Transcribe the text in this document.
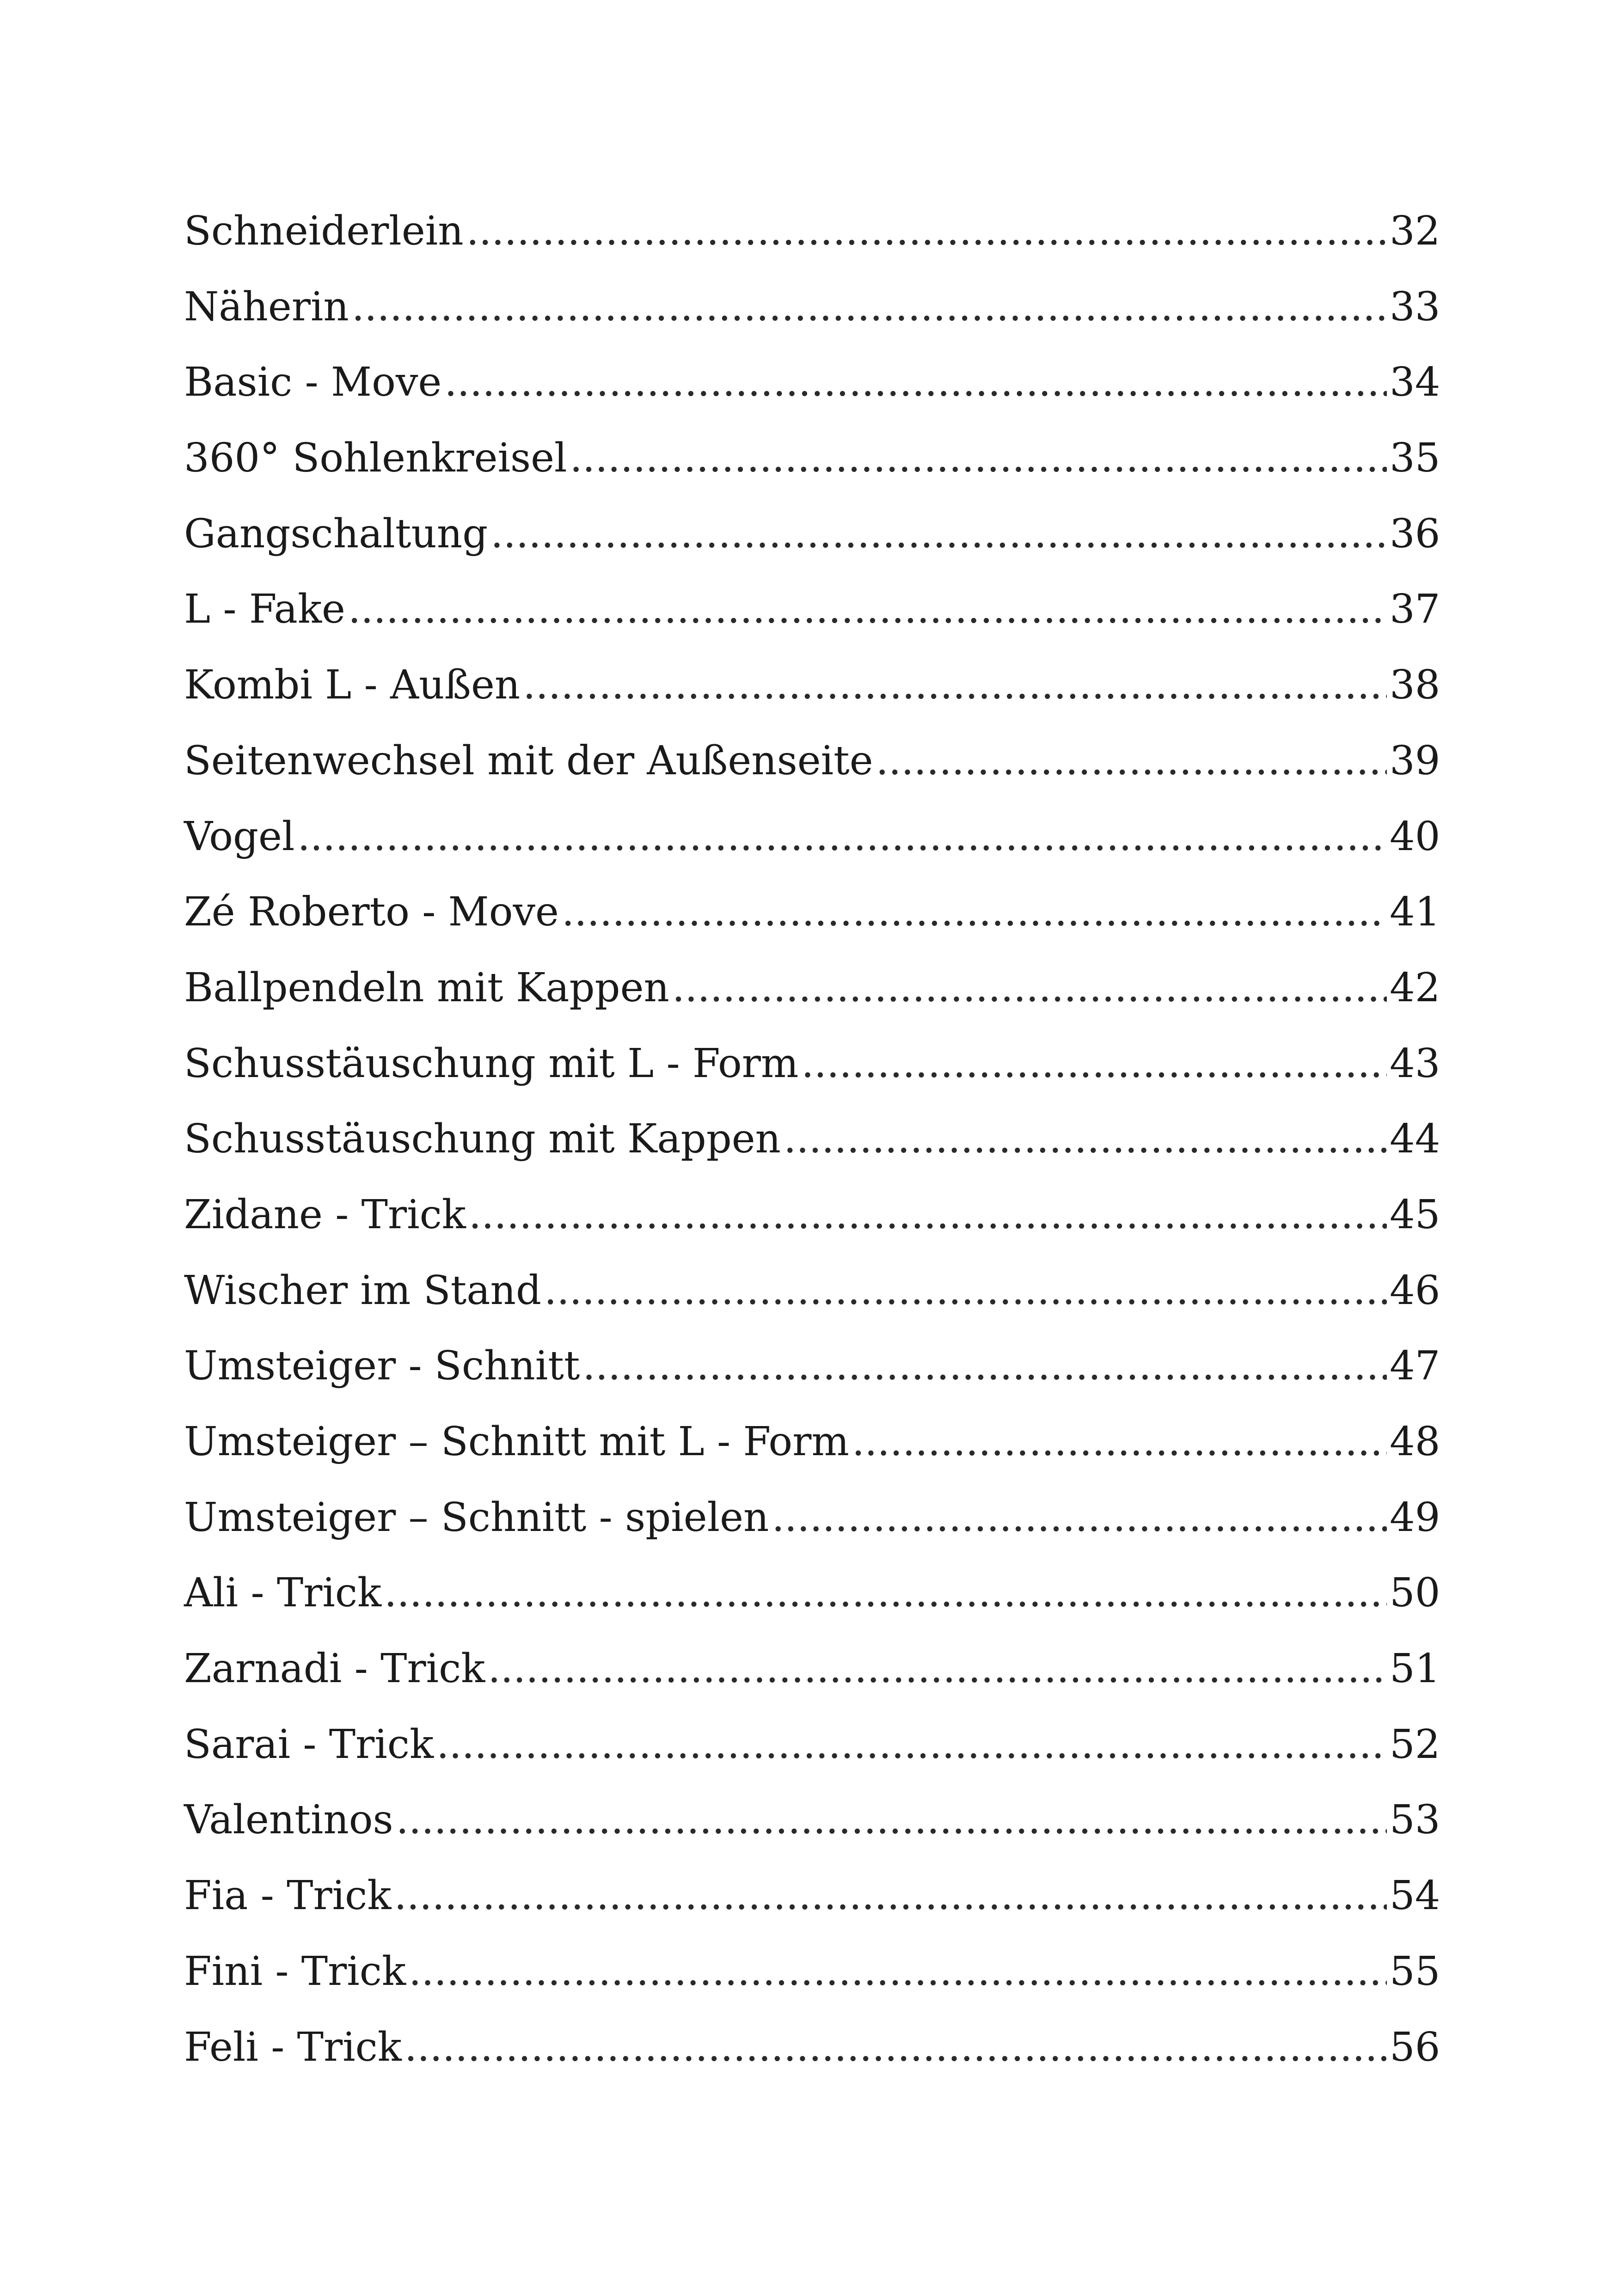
Schneiderlein .....	32
Näherin .....	33
Basic - Move .....	34
360° Sohlenkreisel .....	35
Gangschaltung .....	36
L - Fake .....	37
Kombi L - Außen .....	38
Seitenwechsel mit der Außenseite .....	39
Vogel .....	40
Zé Roberto - Move .....	41
Ballpendeln mit Kappen .....	42
Schusstäuschung mit L - Form .....	43
Schusstäuschung mit Kappen .....	44
Zidane - Trick .....	45
Wischer im Stand .....	46
Umsteiger - Schnitt .....	47
Umsteiger – Schnitt mit L - Form .....	48
Umsteiger – Schnitt - spielen .....	49
Ali - Trick .....	50
Zarnadi - Trick .....	51
Sarai - Trick .....	52
Valentinos .....	53
Fia - Trick .....	54
Fini - Trick .....	55
Feli - Trick .....	56
